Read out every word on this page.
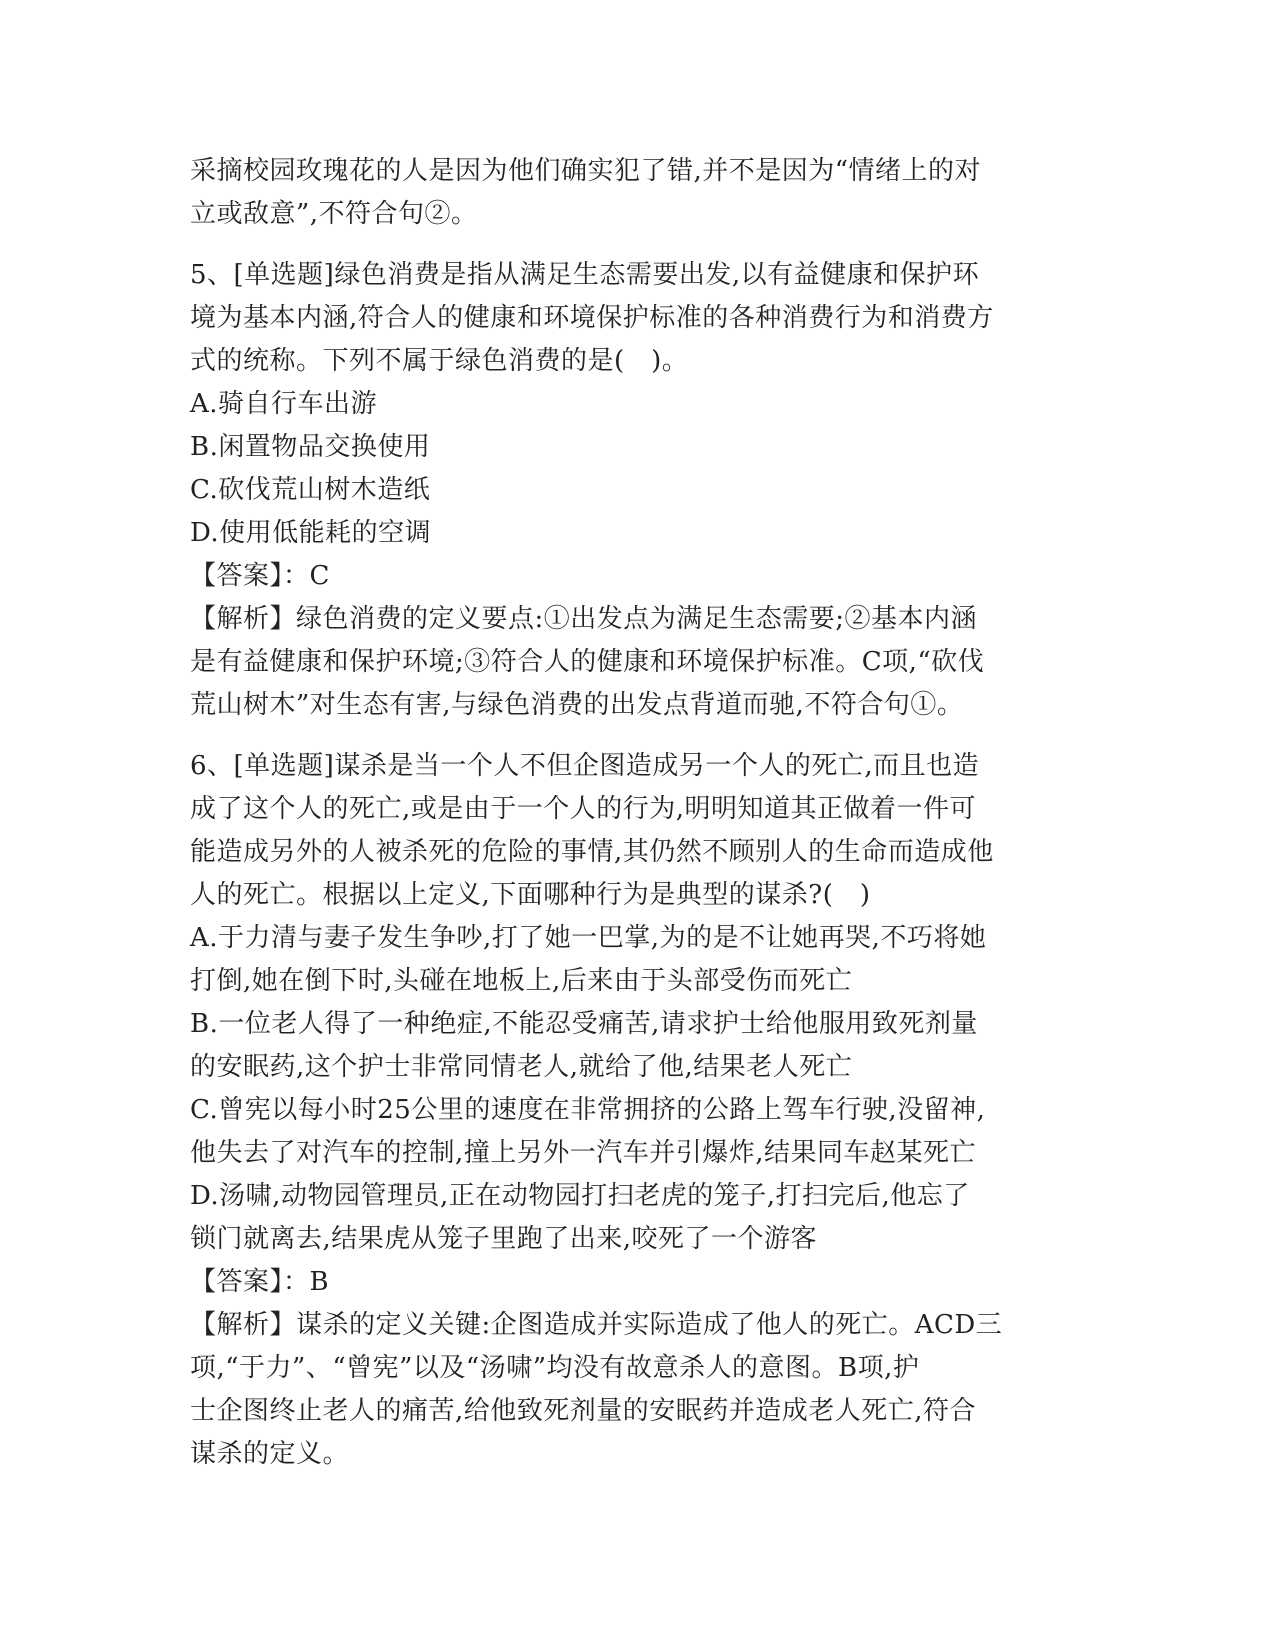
采摘校园玫瑰花的人是因为他们确实犯了错,并不是因为“情绪上的对
立或敌意”,不符合句②。
5、[单选题]绿色消费是指从满足生态需要出发,以有益健康和保护环
境为基本内涵,符合人的健康和环境保护标准的各种消费行为和消费方
式的统称。下列不属于绿色消费的是(　)。
A.骑自行车出游
B.闲置物品交换使用
C.砍伐荒山树木造纸
D.使用低能耗的空调
【答案】：C
【解析】绿色消费的定义要点:①出发点为满足生态需要;②基本内涵
是有益健康和保护环境;③符合人的健康和环境保护标准。C项,“砍伐
荒山树木”对生态有害,与绿色消费的出发点背道而驰,不符合句①。
6、[单选题]谋杀是当一个人不但企图造成另一个人的死亡,而且也造
成了这个人的死亡,或是由于一个人的行为,明明知道其正做着一件可
能造成另外的人被杀死的危险的事情,其仍然不顾别人的生命而造成他
人的死亡。根据以上定义,下面哪种行为是典型的谋杀?(　)
A.于力清与妻子发生争吵,打了她一巴掌,为的是不让她再哭,不巧将她
打倒,她在倒下时,头碰在地板上,后来由于头部受伤而死亡
B.一位老人得了一种绝症,不能忍受痛苦,请求护士给他服用致死剂量
的安眠药,这个护士非常同情老人,就给了他,结果老人死亡
C.曾宪以每小时25公里的速度在非常拥挤的公路上驾车行驶,没留神,
他失去了对汽车的控制,撞上另外一汽车并引爆炸,结果同车赵某死亡
D.汤啸,动物园管理员,正在动物园打扫老虎的笼子,打扫完后,他忘了
锁门就离去,结果虎从笼子里跑了出来,咬死了一个游客
【答案】：B
【解析】谋杀的定义关键:企图造成并实际造成了他人的死亡。ACD三
项,“于力”、“曾宪”以及“汤啸”均没有故意杀人的意图。B项,护
士企图终止老人的痛苦,给他致死剂量的安眠药并造成老人死亡,符合
谋杀的定义。
